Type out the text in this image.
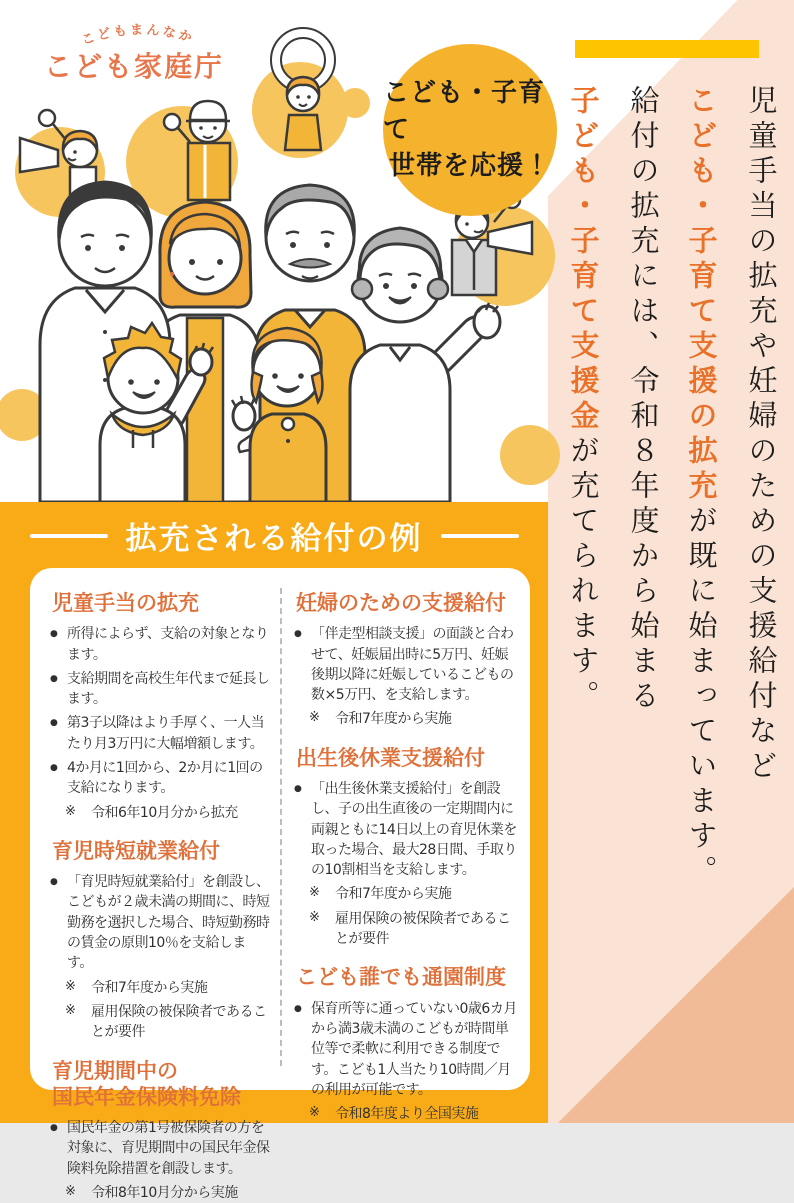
こどもまんなか
こども家庭庁
こども・子育て
世帯を応援！
拡充される給付の例
児童手当の拡充
● 所得によらず、支給の対象となります。
● 支給期間を高校生年代まで延長します。
● 第3子以降はより手厚く、一人当たり月3万円に大幅増額します。
● 4か月に1回から、2か月に1回の支給になります。
※	令和6年10月分から拡充
育児時短就業給付
● 「育児時短就業給付」を創設し、こどもが２歳未満の期間に、時短勤務を選択した場合、時短勤務時の賃金の原則10％を支給します。
※	令和7年度から実施
※	雇用保険の被保険者であることが要件
育児期間中の
国民年金保険料免除
● 国民年金の第1号被保険者の方を対象に、育児期間中の国民年金保険料免除措置を創設します。
※	令和8年10月分から実施
妊婦のための支援給付
● 「伴走型相談支援」の面談と合わせて、妊娠届出時に5万円、妊娠後期以降に妊娠しているこどもの数×5万円、を支給します。
※	令和7年度から実施
出生後休業支援給付
● 「出生後休業支援給付」を創設し、子の出生直後の一定期間内に両親ともに14日以上の育児休業を取った場合、最大28日間、手取りの10割相当を支給します。
※	令和7年度から実施
※	雇用保険の被保険者であることが要件
こども誰でも通園制度
● 保育所等に通っていない0歳6カ月から満3歳未満のこどもが時間単位等で柔軟に利用できる制度です。こども1人当たり10時間／月の利用が可能です。
※	令和8年度より全国実施
児童手当の拡充や妊婦のための支援給付など
こども・子育て支援の拡充が既に始まっています。
給付の拡充には、令和８年度から始まる
子ども・子育て支援金が充てられます。
